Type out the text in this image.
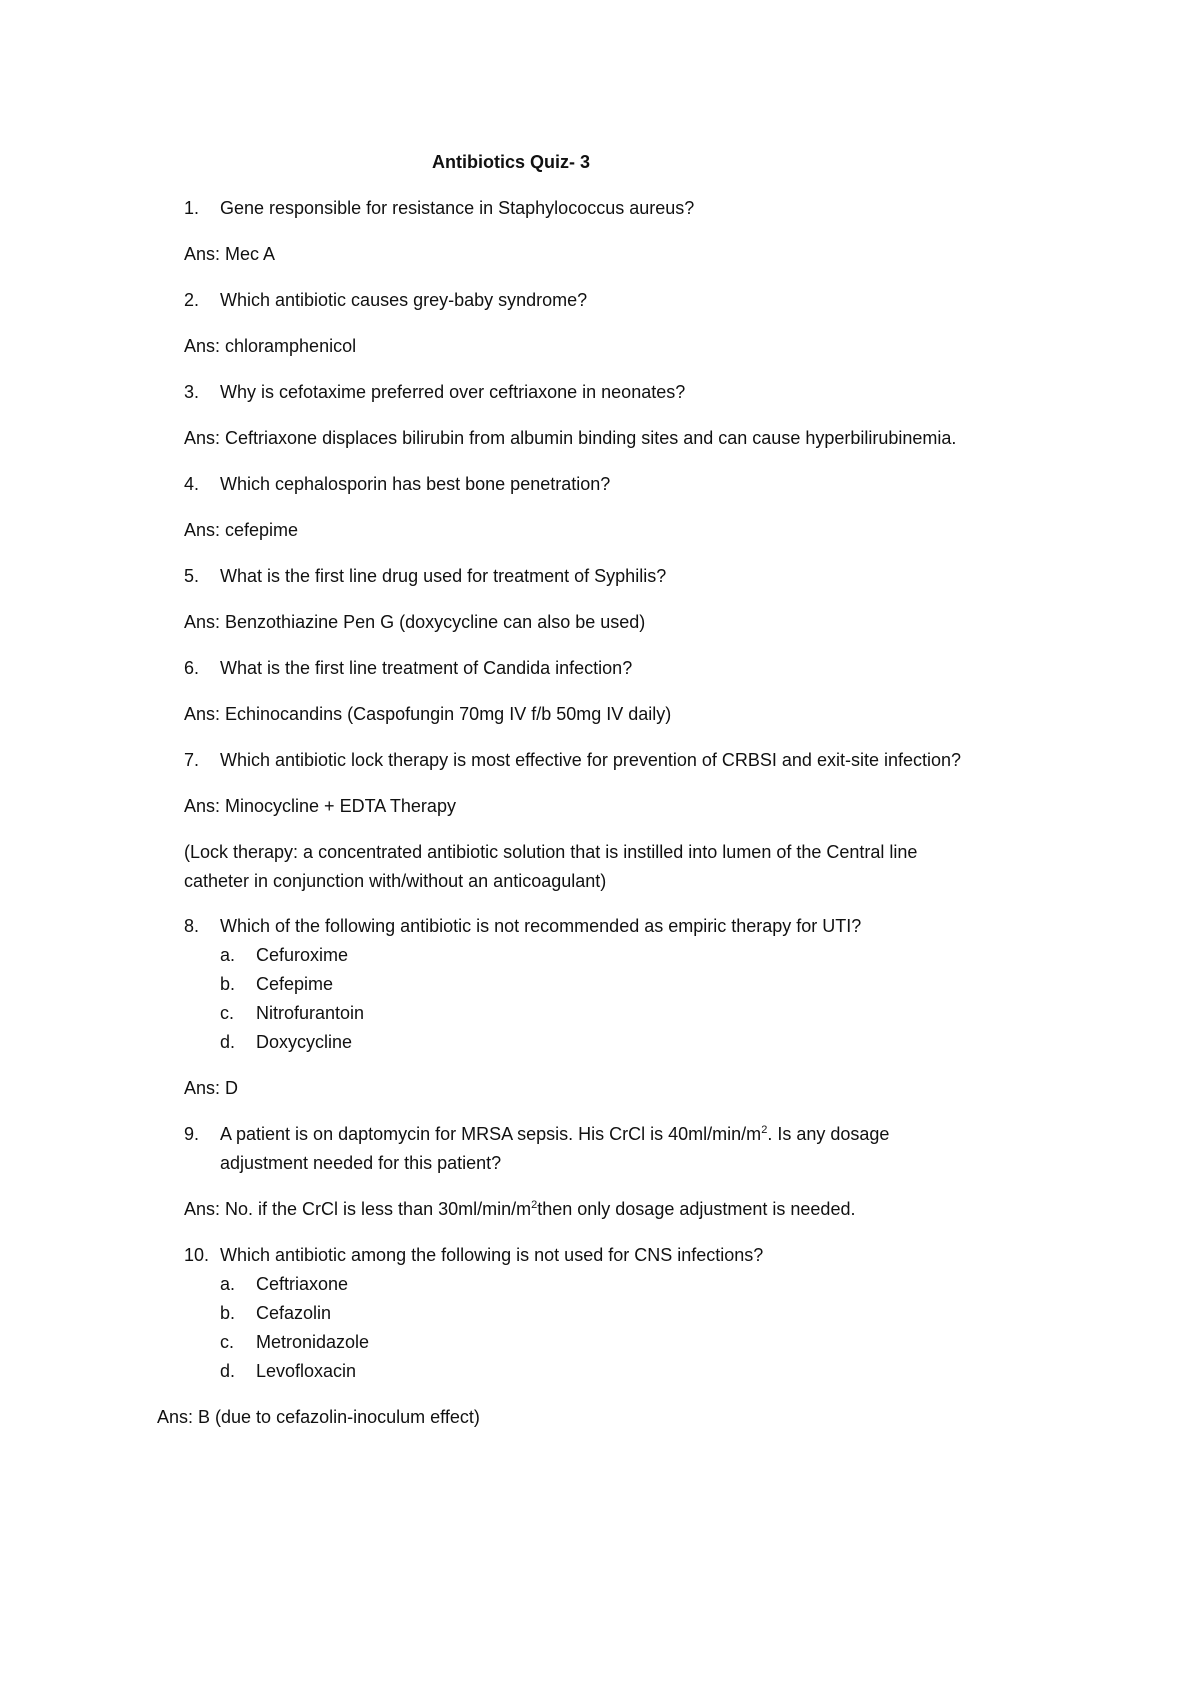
Antibiotics Quiz- 3
1. Gene responsible for resistance in Staphylococcus aureus?
Ans: Mec A
2. Which antibiotic causes grey-baby syndrome?
Ans: chloramphenicol
3. Why is cefotaxime preferred over ceftriaxone in neonates?
Ans: Ceftriaxone displaces bilirubin from albumin binding sites and can cause hyperbilirubinemia.
4. Which cephalosporin has best bone penetration?
Ans: cefepime
5. What is the first line drug used for treatment of Syphilis?
Ans: Benzothiazine Pen G (doxycycline can also be used)
6. What is the first line treatment of Candida infection?
Ans: Echinocandins (Caspofungin 70mg IV f/b 50mg IV daily)
7. Which antibiotic lock therapy is most effective for prevention of CRBSI and exit-site infection?
Ans: Minocycline + EDTA Therapy
(Lock therapy: a concentrated antibiotic solution that is instilled into lumen of the Central line
catheter in conjunction with/without an anticoagulant)
8. Which of the following antibiotic is not recommended as empiric therapy for UTI?
a. Cefuroxime
b. Cefepime
c. Nitrofurantoin
d. Doxycycline
Ans: D
9. A patient is on daptomycin for MRSA sepsis. His CrCl is $40ml/\min/m^2$. Is any dosage
adjustment needed for this patient?
Ans: No. if the CrCl is less than $30ml/\min/m^2then$ only dosage adjustment is needed.
10. Which antibiotic among the following is not used for CNS infections?
a. Ceftriaxone
b. Cefazolin
c. Metronidazole
d. Levofloxacin
Ans: B (due to cefazolin-inoculum effect)
